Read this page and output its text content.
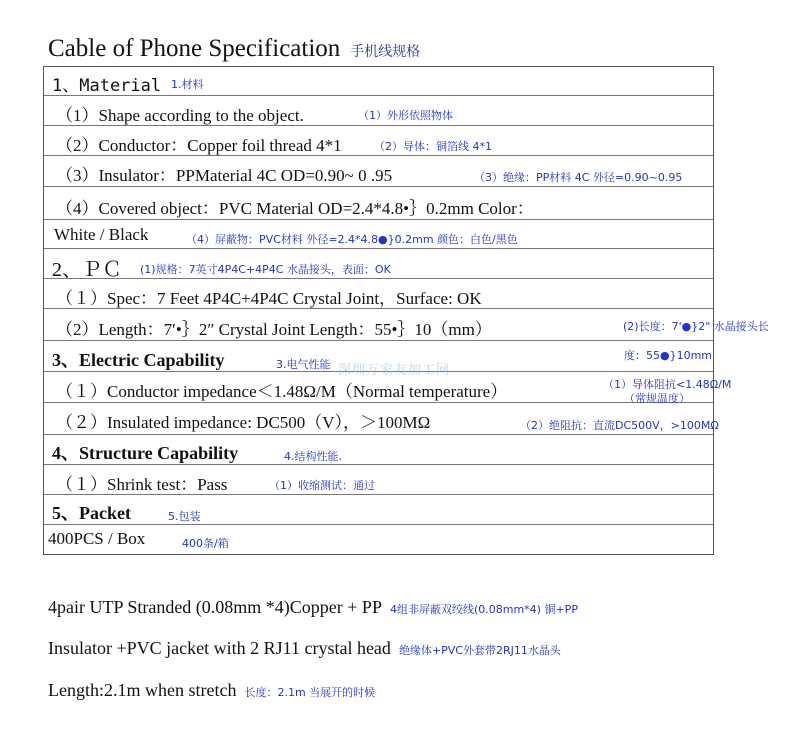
Cable of Phone Specification 手机线规格
1、Material 1.材料
（1）Shape according to the object.	（1）外形依照物体
（2）Conductor：Copper foil thread 4*1	（2）导体：铜箔线 4*1
（3）Insulator：PPMaterial 4C OD=0.90~ 0 .95	（3）绝缘：PP材料 4C 外径=0.90~0.95
（4）Covered object：PVC Material OD=2.4*4.8•｝0.2mm Color：
White / Black	（4）屏蔽物：PVC材料 外径=2.4*4.8●}0.2mm 颜色：白色/黑色
2、ＰＣ (1)规格：7英寸4P4C+4P4C 水晶接头，表面：OK
（１）Spec：7 Feet 4P4C+4P4C Crystal Joint，Surface: OK
（2）Length：7′•｝2″ Crystal Joint Length：55•｝10（mm）	(2)长度：7'●}2" 水晶接头长
度：55●}10mm
3、Electric Capability	3.电气性能
（１）Conductor impedance＜1.48Ω/M（Normal temperature）	（1）导体阻抗<1.48Ω/M
（常规温度）
（２）Insulated impedance: DC500（V），＞100MΩ	（2）绝阻抗：直流DC500V，>100MΩ
4、Structure Capability	4.结构性能.
（１）Shrink test：Pass	（1）收缩测试：通过
5、Packet	5.包装
400PCS / Box	400条/箱
深圳万家友加工网
4pair UTP Stranded (0.08mm *4)Copper + PP 4组非屏蔽双绞线(0.08mm*4) 铜+PP
Insulator +PVC jacket with 2 RJ11 crystal head 绝缘体+PVC外套带2RJ11水晶头
Length:2.1m when stretch 长度：2.1m 当展开的时候
